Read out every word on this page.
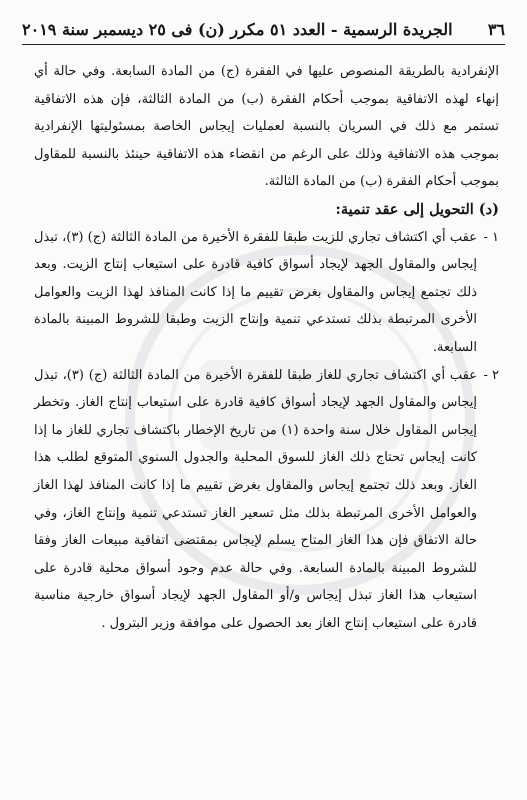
٣٦
الجريدة الرسمية - العدد ٥١ مكرر (ن) فى ٢٥ ديسمبر سنة ٢٠١٩

الإنفرادية بالطريقة المنصوص عليها في الفقرة (ج) من المادة السابعة. وفي حالة أي إنهاء لهذه الاتفاقية بموجب أحكام الفقرة (ب) من المادة الثالثة، فإن هذه الاتفاقية تستمر مع ذلك في السريان بالنسبة لعمليات إيجاس الخاصة بمسئوليتها الإنفرادية بموجب هذه الاتفاقية وذلك على الرغم من انقضاء هذه الاتفاقية حينئذ بالنسبة للمقاول بموجب أحكام الفقرة (ب) من المادة الثالثة.

(د) التحويل إلى عقد تنمية:

١ -
عقب أي اكتشاف تجاري للزيت طبقا للفقرة الأخيرة من المادة الثالثة (ج) (٣)، تبذل إيجاس والمقاول الجهد لإيجاد أسواق كافية قادرة على استيعاب إنتاج الزيت. وبعد ذلك تجتمع إيجاس والمقاول بغرض تقييم ما إذا كانت المنافذ لهذا الزيت والعوامل الأخرى المرتبطة بذلك تستدعي تنمية وإنتاج الزيت وطبقا للشروط المبينة بالمادة السابعة.

٢ -
عقب أي اكتشاف تجاري للغاز طبقا للفقرة الأخيرة من المادة الثالثة (ج) (٣)، تبذل إيجاس والمقاول الجهد لإيجاد أسواق كافية قادرة على استيعاب إنتاج الغاز. وتخطر إيجاس المقاول خلال سنة واحدة (١) من تاريخ الإخطار باكتشاف تجاري للغاز ما إذا كانت إيجاس تحتاج ذلك الغاز للسوق المحلية والجدول السنوي المتوقع لطلب هذا الغاز. وبعد ذلك تجتمع إيجاس والمقاول بغرض تقييم ما إذا كانت المنافذ لهذا الغاز والعوامل الأخرى المرتبطة بذلك مثل تسعير الغاز تستدعي تنمية وإنتاج الغاز، وفي حالة الاتفاق فإن هذا الغاز المتاح يسلم لإيجاس بمقتضى اتفاقية مبيعات الغاز وفقا للشروط المبينة بالمادة السابعة. وفي حالة عدم وجود أسواق محلية قادرة على استيعاب هذا الغاز تبذل إيجاس و/أو المقاول الجهد لإيجاد أسواق خارجية مناسبة قادرة على استيعاب إنتاج الغاز بعد الحصول على موافقة وزير البترول .
